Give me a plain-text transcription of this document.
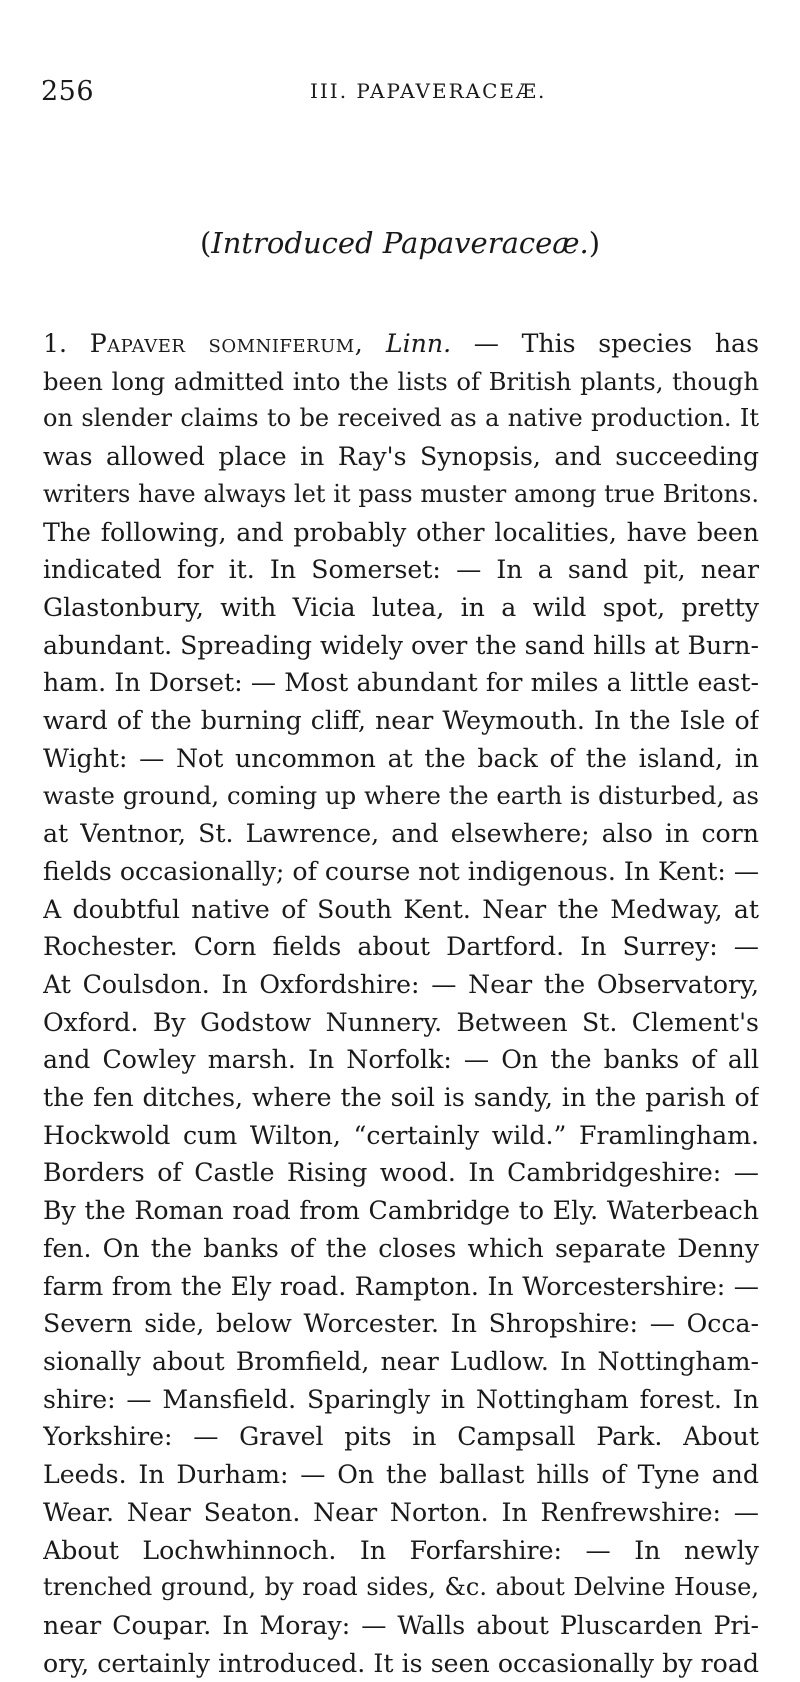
256	III. PAPAVERACEÆ.
(Introduced Papaveraceæ.)
1. Papaver somniferum, Linn. — This species has
been long admitted into the lists of British plants, though
on slender claims to be received as a native production. It
was allowed place in Ray's Synopsis, and succeeding
writers have always let it pass muster among true Britons.
The following, and probably other localities, have been
indicated for it. In Somerset: — In a sand pit, near
Glastonbury, with Vicia lutea, in a wild spot, pretty
abundant. Spreading widely over the sand hills at Burn-
ham. In Dorset: — Most abundant for miles a little east-
ward of the burning cliff, near Weymouth. In the Isle of
Wight: — Not uncommon at the back of the island, in
waste ground, coming up where the earth is disturbed, as
at Ventnor, St. Lawrence, and elsewhere; also in corn
fields occasionally; of course not indigenous. In Kent: —
A doubtful native of South Kent. Near the Medway, at
Rochester. Corn fields about Dartford. In Surrey: —
At Coulsdon. In Oxfordshire: — Near the Observatory,
Oxford. By Godstow Nunnery. Between St. Clement's
and Cowley marsh. In Norfolk: — On the banks of all
the fen ditches, where the soil is sandy, in the parish of
Hockwold cum Wilton, “certainly wild.” Framlingham.
Borders of Castle Rising wood. In Cambridgeshire: —
By the Roman road from Cambridge to Ely. Waterbeach
fen. On the banks of the closes which separate Denny
farm from the Ely road. Rampton. In Worcestershire: —
Severn side, below Worcester. In Shropshire: — Occa-
sionally about Bromfield, near Ludlow. In Nottingham-
shire: — Mansfield. Sparingly in Nottingham forest. In
Yorkshire: — Gravel pits in Campsall Park. About
Leeds. In Durham: — On the ballast hills of Tyne and
Wear. Near Seaton. Near Norton. In Renfrewshire: —
About Lochwhinnoch. In Forfarshire: — In newly
trenched ground, by road sides, &c. about Delvine House,
near Coupar. In Moray: — Walls about Pluscarden Pri-
ory, certainly introduced. It is seen occasionally by road
